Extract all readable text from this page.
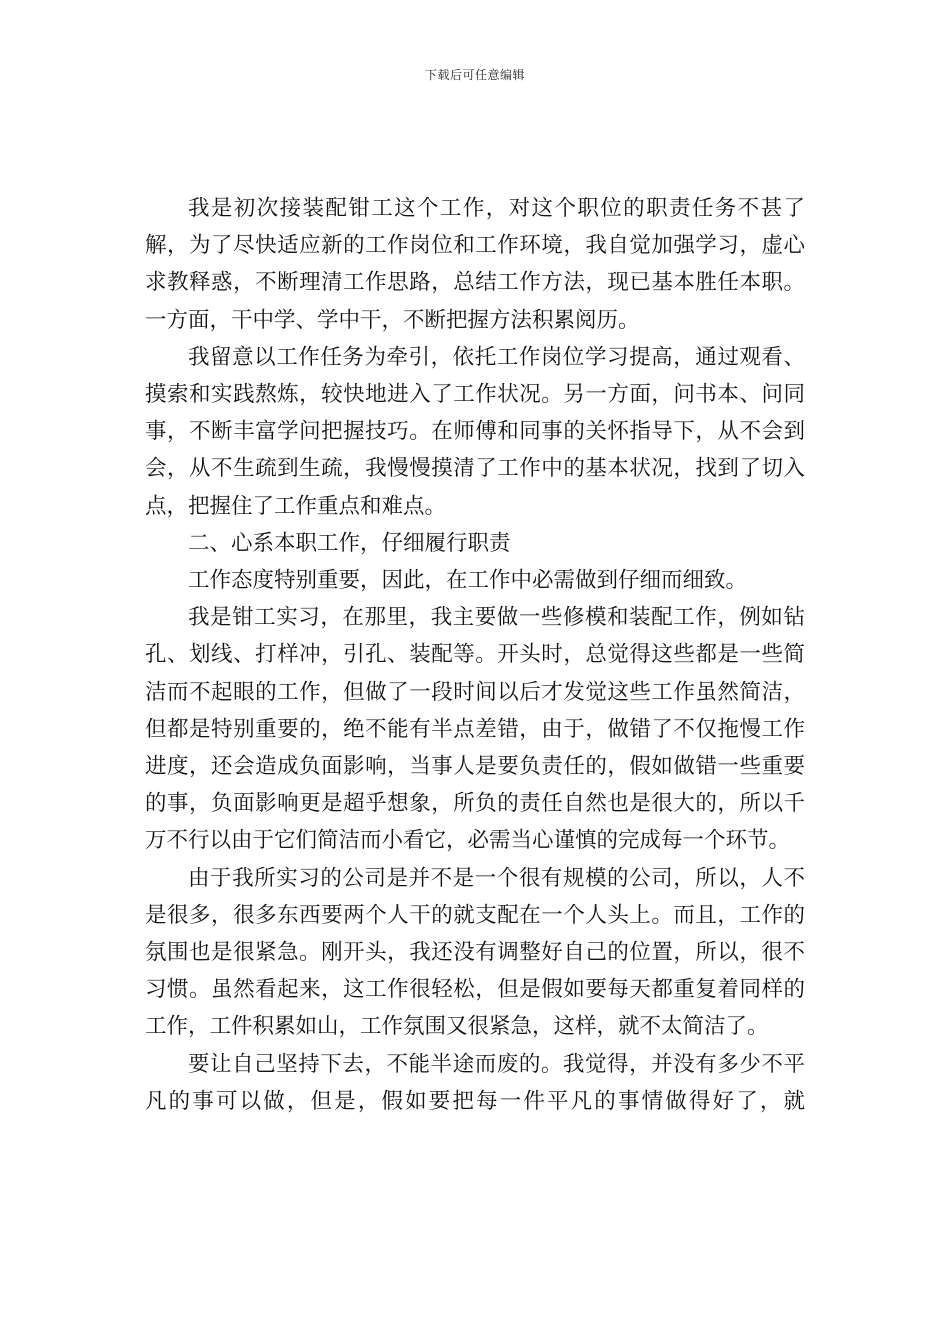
下载后可任意编辑

我是初次接装配钳工这个工作，对这个职位的职责任务不甚了解，为了尽快适应新的工作岗位和工作环境，我自觉加强学习，虚心求教释惑，不断理清工作思路，总结工作方法，现已基本胜任本职。一方面，干中学、学中干，不断把握方法积累阅历。

我留意以工作任务为牵引，依托工作岗位学习提高，通过观看、摸索和实践熬炼，较快地进入了工作状况。另一方面，问书本、问同事，不断丰富学问把握技巧。在师傅和同事的关怀指导下，从不会到会，从不生疏到生疏，我慢慢摸清了工作中的基本状况，找到了切入点，把握住了工作重点和难点。

二、心系本职工作，仔细履行职责

工作态度特别重要，因此，在工作中必需做到仔细而细致。

我是钳工实习，在那里，我主要做一些修模和装配工作，例如钻孔、划线、打样冲，引孔、装配等。开头时，总觉得这些都是一些简洁而不起眼的工作，但做了一段时间以后才发觉这些工作虽然简洁，但都是特别重要的，绝不能有半点差错，由于，做错了不仅拖慢工作进度，还会造成负面影响，当事人是要负责任的，假如做错一些重要的事，负面影响更是超乎想象，所负的责任自然也是很大的，所以千万不行以由于它们简洁而小看它，必需当心谨慎的完成每一个环节。

由于我所实习的公司是并不是一个很有规模的公司，所以，人不是很多，很多东西要两个人干的就支配在一个人头上。而且，工作的氛围也是很紧急。刚开头，我还没有调整好自己的位置，所以，很不习惯。虽然看起来，这工作很轻松，但是假如要每天都重复着同样的工作，工件积累如山，工作氛围又很紧急，这样，就不太简洁了。

要让自己坚持下去，不能半途而废的。我觉得，并没有多少不平凡的事可以做，但是，假如要把每一件平凡的事情做得好了，就
